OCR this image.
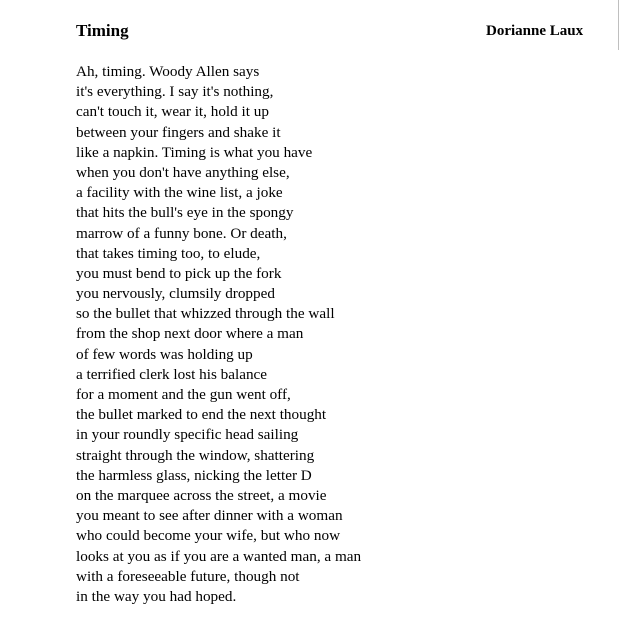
Timing	Dorianne Laux
Ah, timing. Woody Allen says
it's everything. I say it's nothing,
can't touch it, wear it, hold it up
between your fingers and shake it
like a napkin. Timing is what you have
when you don't have anything else,
a facility with the wine list, a joke
that hits the bull's eye in the spongy
marrow of a funny bone. Or death,
that takes timing too, to elude,
you must bend to pick up the fork
you nervously, clumsily dropped
so the bullet that whizzed through the wall
from the shop next door where a man
of few words was holding up
a terrified clerk lost his balance
for a moment and the gun went off,
the bullet marked to end the next thought
in your roundly specific head sailing
straight through the window, shattering
the harmless glass, nicking the letter D
on the marquee across the street, a movie
you meant to see after dinner with a woman
who could become your wife, but who now
looks at you as if you are a wanted man, a man
with a foreseeable future, though not
in the way you had hoped.
